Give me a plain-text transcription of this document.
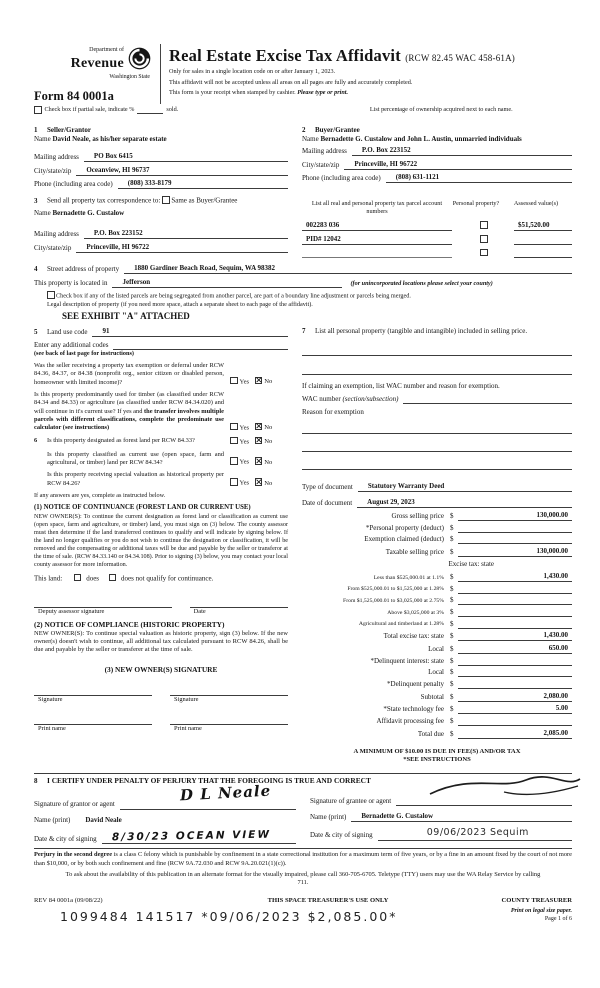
Department of
Revenue
Washington State
Form 84 0001a
Real Estate Excise Tax Affidavit (RCW 82.45 WAC 458-61A)
Only for sales in a single location code on or after January 1, 2023.
This affidavit will not be accepted unless all areas on all pages are fully and accurately completed.
This form is your receipt when stamped by cashier. Please type or print.
Check box if partial sale, indicate %	sold.	List percentage of ownership acquired next to each name.
1 Seller/Grantor
Name David Neale, as his/her separate estate
Mailing address	PO Box 6415
City/state/zip	Oceanview, HI 96737
Phone (including area code)	(808) 333-8179
2 Buyer/Grantee
Name Bernadette G. Custalow and John L. Austin, unmarried individuals
Mailing address	P.O. Box 223152
City/state/zip	Princeville, HI 96722
Phone (including area code)	(808) 631-1121
3 Send all property tax correspondence to: Same as Buyer/Grantee
Name Bernadette G. Custalow
Mailing address	P.O. Box 223152
City/state/zip	Princeville, HI 96722
List all real and personal property tax parcel account numbers
Personal property?	Assessed value(s)
002283 036	$51,520.00
PID# 12042
4	Street address of property	1880 Gardiner Beach Road, Sequim, WA 98382
This property is located in	Jefferson	(for unincorporated locations please select your county)
Check box if any of the listed parcels are being segregated from another parcel, are part of a boundary line adjustment or parcels being merged.
Legal description of property (if you need more space, attach a separate sheet to each page of the affidavit).
SEE EXHIBIT "A" ATTACHED
5	Land use code	91
Enter any additional codes
(see back of last page for instructions)
Was the seller receiving a property tax exemption or deferral under RCW 84.36, 84.37, or 84.38 (nonprofit org., senior citizen or disabled person, homeowner with limited income)?	Yes ✕ No
Is this property predominantly used for timber (as classified under RCW 84.34 and 84.33) or agriculture (as classified under RCW 84.34.020) and will continue in it's current use? If yes and the transfer involves multiple parcels with different classifications, complete the predominate use calculator (see instructions)	Yes ✕ No
6 Is this property designated as forest land per RCW 84.33?	Yes ✕ No
Is this property classified as current use (open space, farm and agricultural, or timber) land per RCW 84.34?	Yes ✕ No
Is this property receiving special valuation as historical property per RCW 84.26?	Yes ✕ No
If any answers are yes, complete as instructed below.
(1) NOTICE OF CONTINUANCE (FOREST LAND OR CURRENT USE)
NEW OWNER(S): To continue the current designation as forest land or classification as current use (open space, farm and agriculture, or timber) land, you must sign on (3) below. The county assessor must then determine if the land transferred continues to qualify and will indicate by signing below. If the land no longer qualifies or you do not wish to continue the designation or classification, it will be removed and the compensating or additional taxes will be due and payable by the seller or transferor at the time of sale. (RCW 84.33.140 or 84.34.108). Prior to signing (3) below, you may contact your local county assessor for more information.
This land:	does	does not qualify for continuance.
Deputy assessor signature	Date
(2) NOTICE OF COMPLIANCE (HISTORIC PROPERTY)
NEW OWNER(S): To continue special valuation as historic property, sign (3) below. If the new owner(s) doesn't wish to continue, all additional tax calculated pursuant to RCW 84.26, shall be due and payable by the seller or transferer at the time of sale.
(3) NEW OWNER(S) SIGNATURE
Signature	Signature
Print name	Print name
7	List all personal property (tangible and intangible) included in selling price.
If claiming an exemption, list WAC number and reason for exemption.
WAC number (section/subsection)
Reason for exemption
Type of document	Statutory Warranty Deed
Date of document	August 29, 2023
Gross selling price $	130,000.00
*Personal property (deduct) $
Exemption claimed (deduct) $
Taxable selling price $	130,000.00
Excise tax: state
Less than $525,000.01 at 1.1% $	1,430.00
From $525,000.01 to $1,525,000 at 1.28% $
From $1,525,000.01 to $3,025,000 at 2.75% $
Above $3,025,000 at 3% $
Agricultural and timberland at 1.28% $
Total excise tax: state $	1,430.00
Local $	650.00
*Delinquent interest: state $
Local $
*Delinquent penalty $
Subtotal $	2,080.00
*State technology fee $	5.00
Affidavit processing fee $
Total due $	2,085.00
A MINIMUM OF $10.00 IS DUE IN FEE(S) AND/OR TAX
*SEE INSTRUCTIONS
8 I CERTIFY UNDER PENALTY OF PERJURY THAT THE FOREGOING IS TRUE AND CORRECT
Signature of grantor or agent
D L Neale
Name (print)	David Neale
Date & city of signing	8/30/23 OCEAN VIEW
Signature of grantee or agent
Name (print)	Bernadette G. Custalow
Date & city of signing	09/06/2023 Sequim
Perjury in the second degree is a class C felony which is punishable by confinement in a state correctional institution for a maximum term of five years, or by a fine in an amount fixed by the court of not more than $10,000, or by both such confinement and fine (RCW 9A.72.030 and RCW 9A.20.021(1)(c)).
To ask about the availability of this publication in an alternate format for the visually impaired, please call 360-705-6705. Teletype (TTY) users may use the WA Relay Service by calling 711.
REV 84 0001a (09/08/22)	THIS SPACE TREASURER'S USE ONLY	COUNTY TREASURER
1099484 141517 *09/06/2023 $2,085.00*	Print on legal size paper.
Page 1 of 6
